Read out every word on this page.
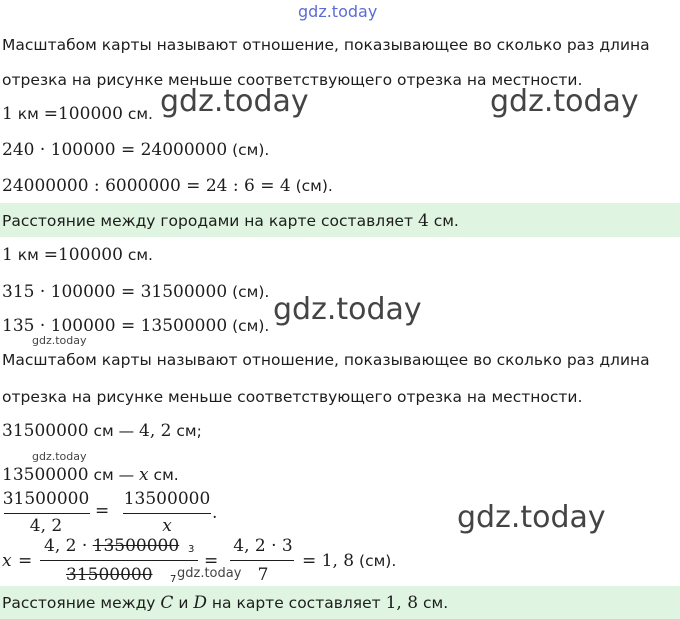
gdz.today
Масштабом карты называют отношение, показывающее во сколько раз длина
отрезка на рисунке меньше соответствующего отрезка на местности.
1 км =100000 см. gdz.today	gdz.today
240 · 100000 = 24000000 (см).
24000000 : 6000000 = 24 : 6 = 4 (см).
Расстояние между городами на карте составляет 4 см.
1 км =100000 см.
315 · 100000 = 31500000 (см).
135 · 100000 = 13500000 (см). gdz.today
gdz.today
Масштабом карты называют отношение, показывающее во сколько раз длина
отрезка на рисунке меньше соответствующего отрезка на местности.
31500000 см — 4, 2 см;
gdz.today
13500000 см — x см.
31500000
4, 2
=
13500000
x
.	gdz.today
x =
4, 2 · 13500000 3
31500000 7 gdz.today
=
4, 2 · 3
7
= 1, 8 (см).
Расстояние между C и D на карте составляет 1, 8 см.
